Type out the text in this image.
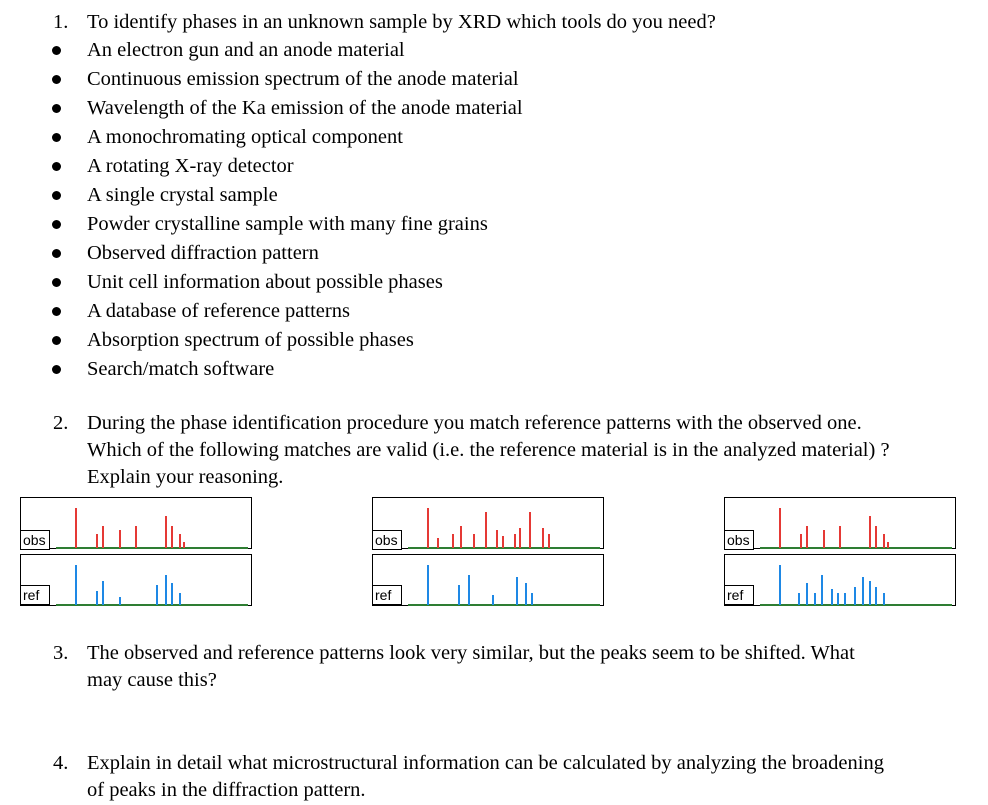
1. To identify phases in an unknown sample by XRD which tools do you need?
An electron gun and an anode material
Continuous emission spectrum of the anode material
Wavelength of the Ka emission of the anode material
A monochromating optical component
A rotating X-ray detector
A single crystal sample
Powder crystalline sample with many fine grains
Observed diffraction pattern
Unit cell information about possible phases
A database of reference patterns
Absorption spectrum of possible phases
Search/match software
2. During the phase identification procedure you match reference patterns with the observed one.
Which of the following matches are valid (i.e. the reference material is in the analyzed material) ?
Explain your reasoning.
obs
ref
obs
ref
obs
ref
3. The observed and reference patterns look very similar, but the peaks seem to be shifted. What
may cause this?
4. Explain in detail what microstructural information can be calculated by analyzing the broadening
of peaks in the diffraction pattern.
